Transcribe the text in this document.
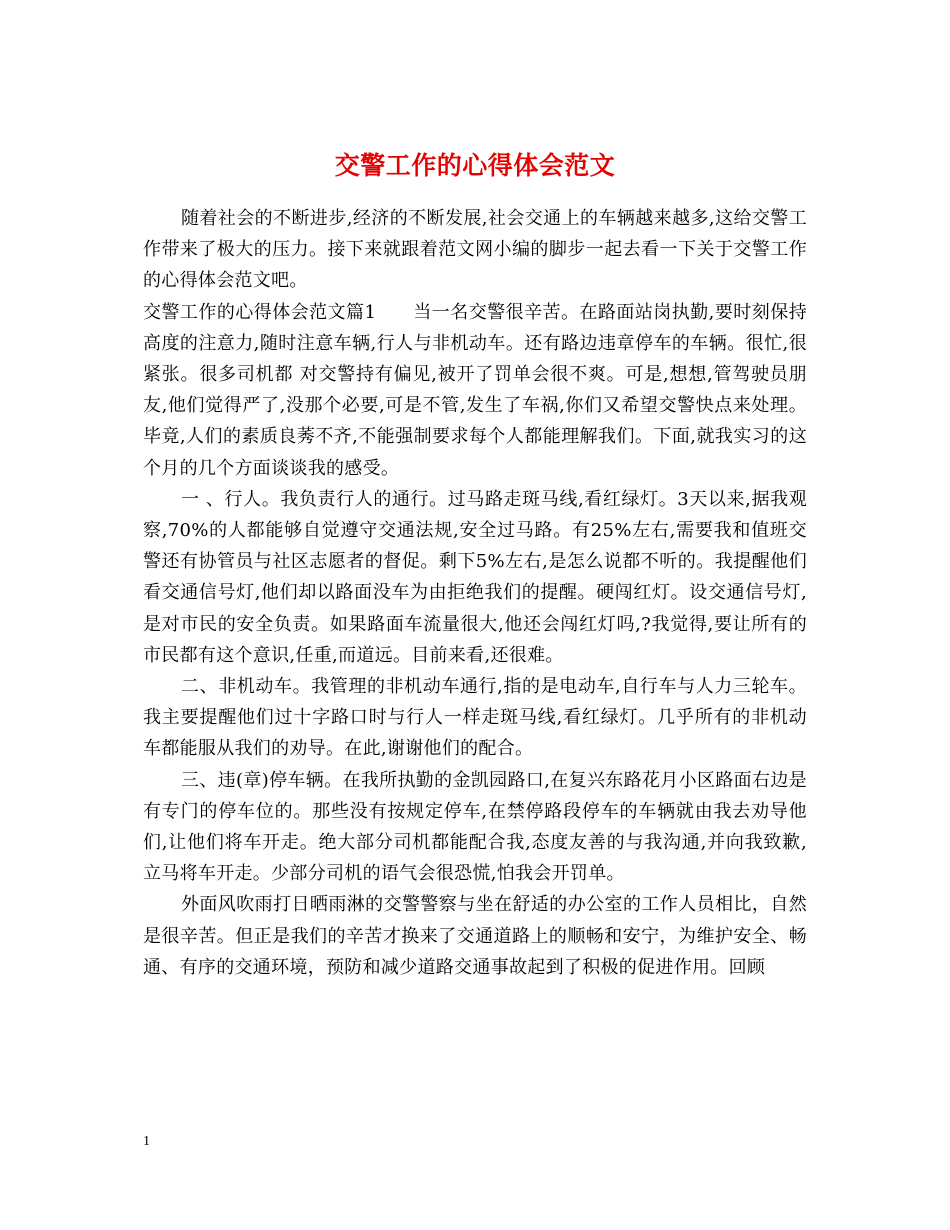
交警工作的心得体会范文

随着社会的不断进步,经济的不断发展,社会交通上的车辆越来越多,这给交警工作带来了极大的压力。接下来就跟着范文网小编的脚步一起去看一下关于交警工作的心得体会范文吧。

交警工作的心得体会范文篇1　　当一名交警很辛苦。在路面站岗执勤,要时刻保持高度的注意力,随时注意车辆,行人与非机动车。还有路边违章停车的车辆。很忙,很紧张。很多司机都 对交警持有偏见,被开了罚单会很不爽。可是,想想,管驾驶员朋友,他们觉得严了,没那个必要,可是不管,发生了车祸,你们又希望交警快点来处理。毕竟,人们的素质良莠不齐,不能强制要求每个人都能理解我们。下面,就我实习的这个月的几个方面谈谈我的感受。

一 、行人。我负责行人的通行。过马路走斑马线,看红绿灯。3天以来,据我观察,70%的人都能够自觉遵守交通法规,安全过马路。有25%左右,需要我和值班交警还有协管员与社区志愿者的督促。剩下5%左右,是怎么说都不听的。我提醒他们看交通信号灯,他们却以路面没车为由拒绝我们的提醒。硬闯红灯。设交通信号灯,是对市民的安全负责。如果路面车流量很大,他还会闯红灯吗,?我觉得,要让所有的市民都有这个意识,任重,而道远。目前来看,还很难。

二、非机动车。我管理的非机动车通行,指的是电动车,自行车与人力三轮车。我主要提醒他们过十字路口时与行人一样走斑马线,看红绿灯。几乎所有的非机动车都能服从我们的劝导。在此,谢谢他们的配合。

三、违(章)停车辆。在我所执勤的金凯园路口,在复兴东路花月小区路面右边是有专门的停车位的。那些没有按规定停车,在禁停路段停车的车辆就由我去劝导他们,让他们将车开走。绝大部分司机都能配合我,态度友善的与我沟通,并向我致歉,立马将车开走。少部分司机的语气会很恐慌,怕我会开罚单。

外面风吹雨打日晒雨淋的交警警察与坐在舒适的办公室的工作人员相比，自然是很辛苦。但正是我们的辛苦才换来了交通道路上的顺畅和安宁，为维护安全、畅通、有序的交通环境，预防和减少道路交通事故起到了积极的促进作用。回顾

1
